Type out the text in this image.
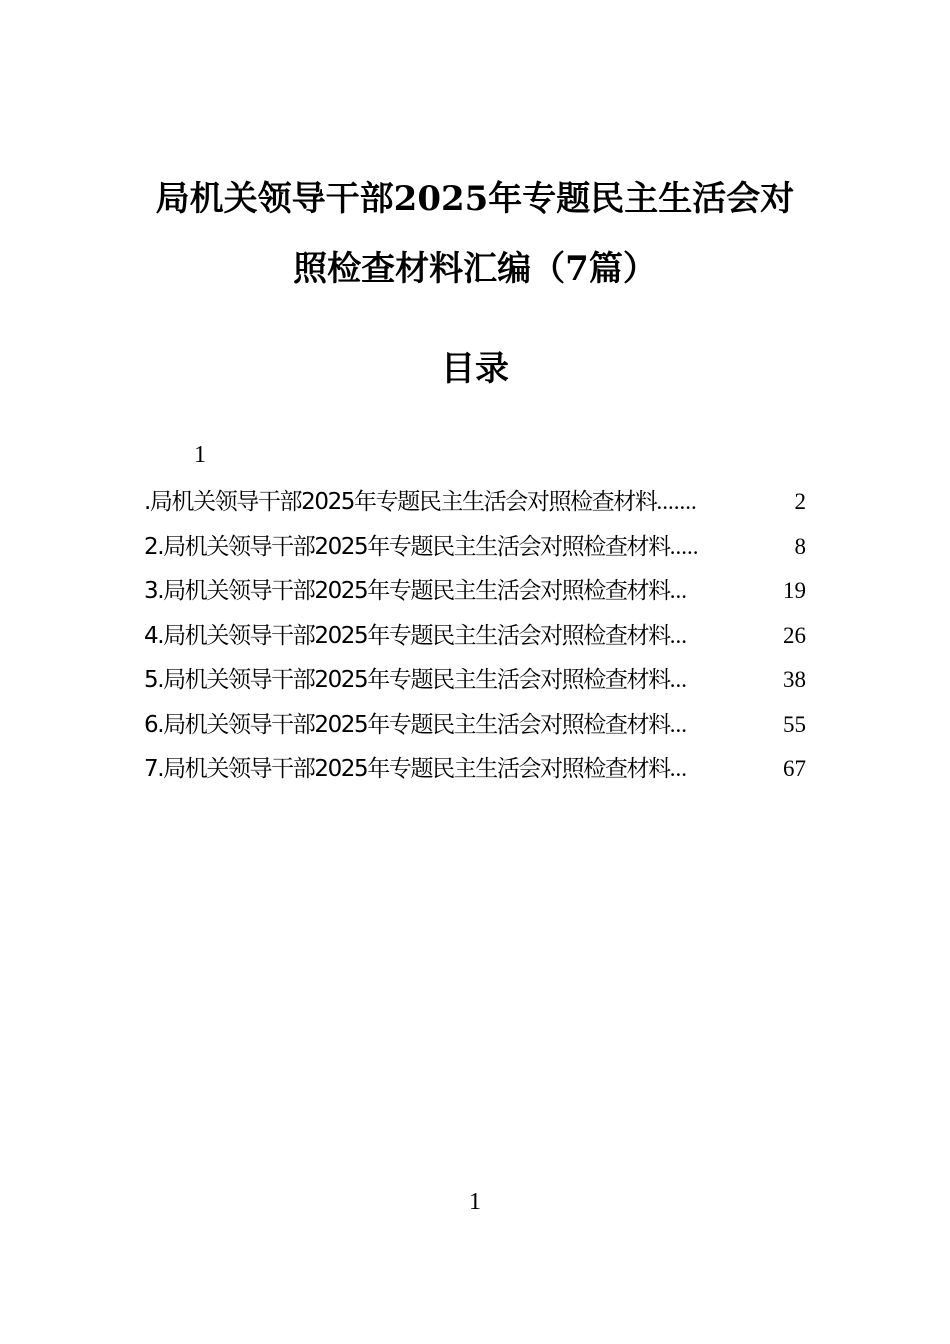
局机关领导干部2025年专题民主生活会对
照检查材料汇编（7篇）
目录
1
.局机关领导干部2025年专题民主生活会对照检查材料 .......	2
2.局机关领导干部2025年专题民主生活会对照检查材料 .....	8
3.局机关领导干部2025年专题民主生活会对照检查材料 ...	19
4.局机关领导干部2025年专题民主生活会对照检查材料 ...	26
5.局机关领导干部2025年专题民主生活会对照检查材料 ...	38
6.局机关领导干部2025年专题民主生活会对照检查材料 ...	55
7.局机关领导干部2025年专题民主生活会对照检查材料 ...	67
1
